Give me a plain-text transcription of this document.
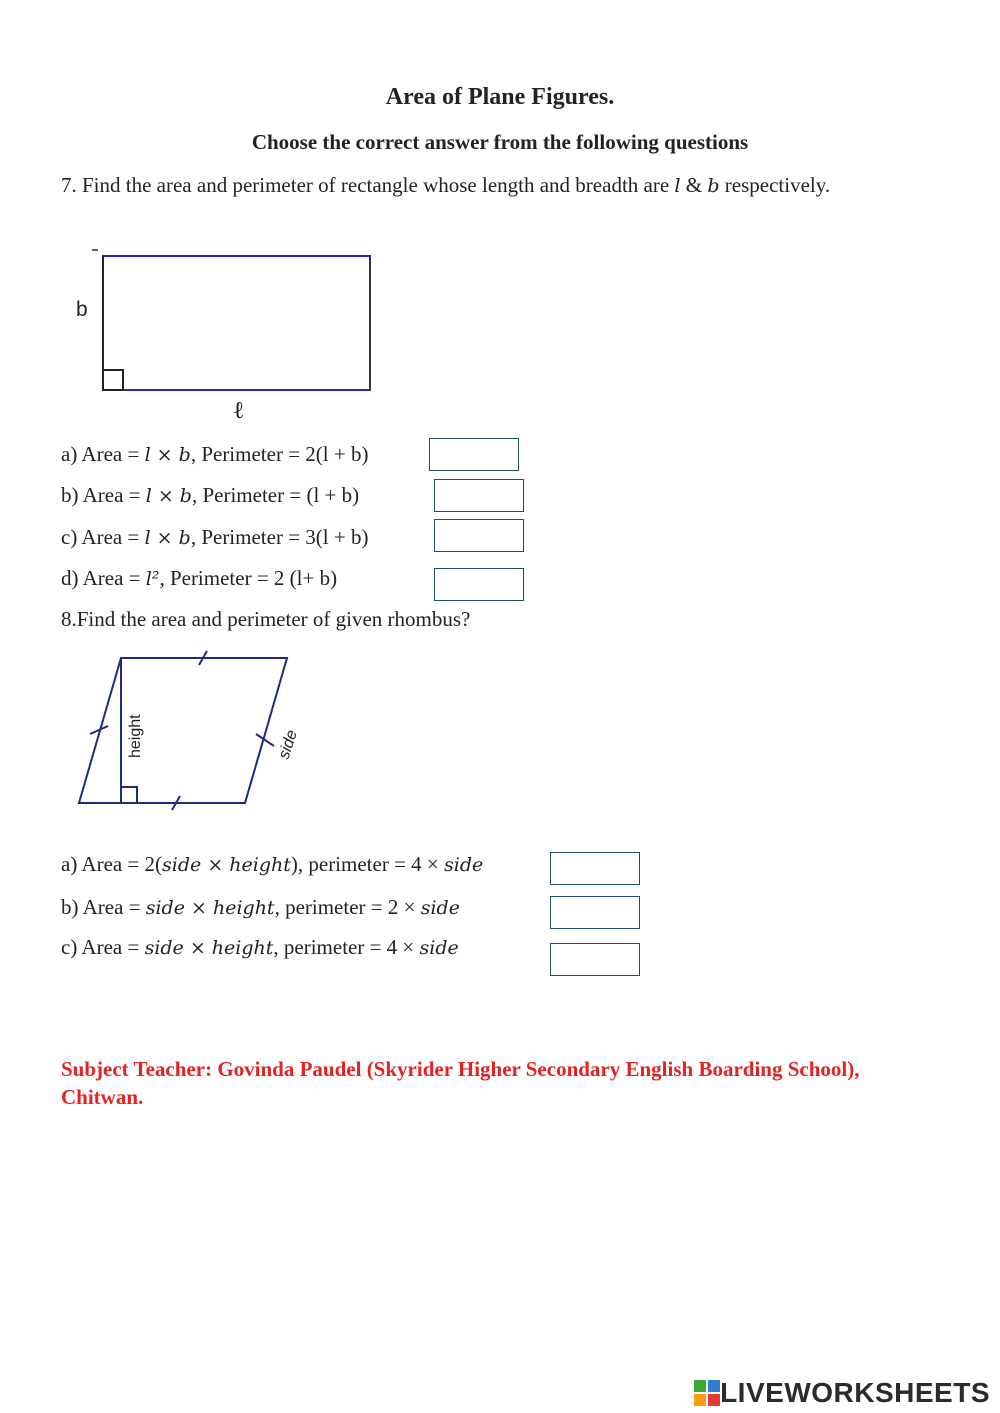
Area of Plane Figures.
Choose the correct answer from the following questions
7. Find the area and perimeter of rectangle whose length and breadth are l & b respectively.
b
ℓ
a) Area = l × b, Perimeter = 2(l + b)
b) Area = l × b, Perimeter = (l + b)
c) Area = l × b, Perimeter = 3(l + b)
d) Area = l², Perimeter = 2 (l+ b)
8.Find the area and perimeter of given rhombus?
height	side
a) Area = 2(side × height), perimeter = 4 × side
b) Area = side × height, perimeter = 2 × side
c) Area = side × height, perimeter = 4 × side
Subject Teacher: Govinda Paudel (Skyrider Higher Secondary English Boarding School), Chitwan.
LIVEWORKSHEETS
